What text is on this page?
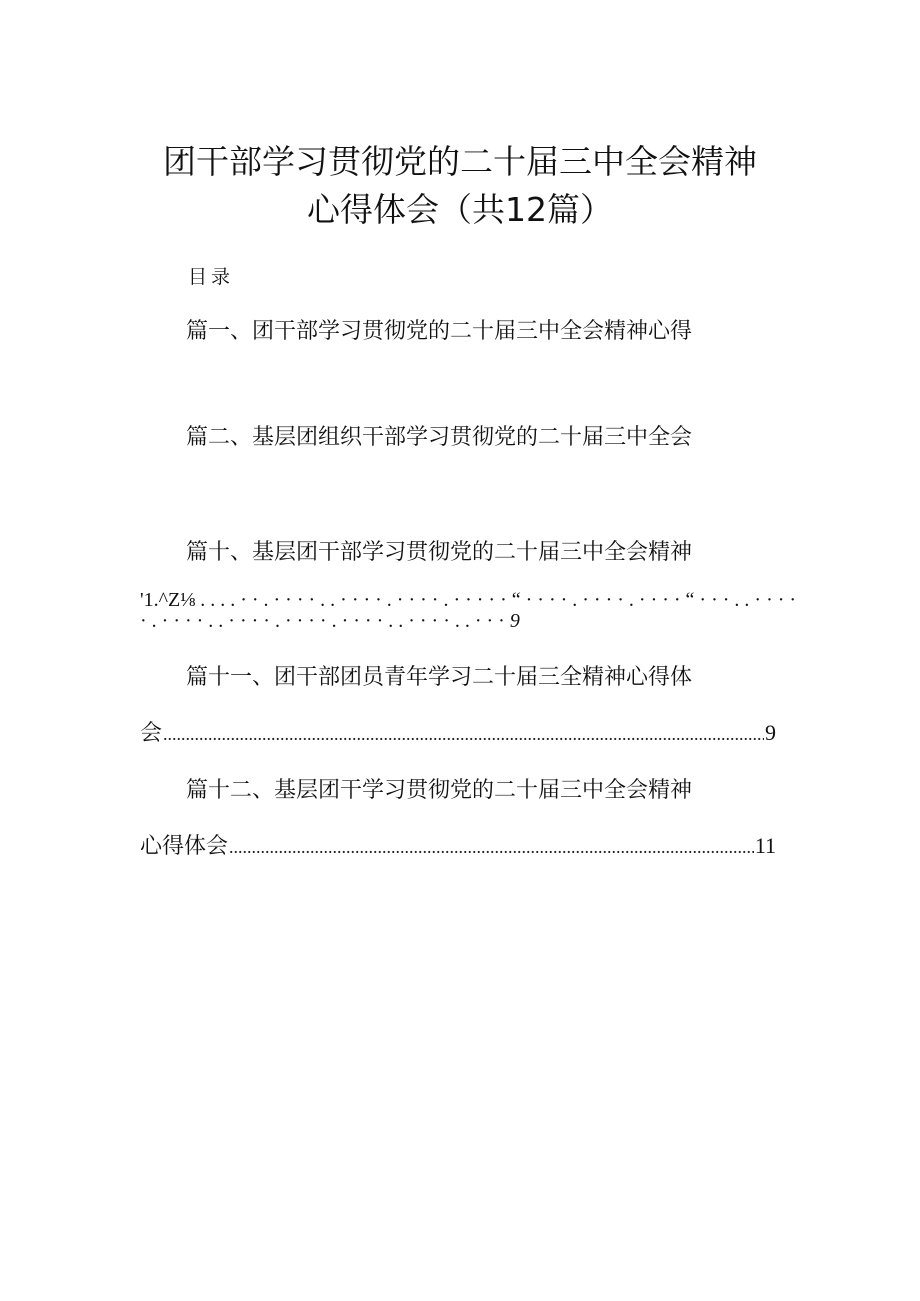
团干部学习贯彻党的二十届三中全会精神
心得体会（共12篇）
目录
篇一、团干部学习贯彻党的二十届三中全会精神心得
篇二、基层团组织干部学习贯彻党的二十届三中全会
篇十、基层团干部学习贯彻党的二十届三中全会精神
'1.^Z⅛ . . . . · · . · · · · . . · · · · . · · · · . · · · · · “ · · · · . · · · · . · · · · “ · · · . . · · · ·
· . · · · · . . · · · · . · · · · . · · · · . . · · · · . . · · · 9
篇十一、团干部团员青年学习二十届三全精神心得体
会 .....	9
篇十二、基层团干学习贯彻党的二十届三中全会精神
心得体会 .....	11
